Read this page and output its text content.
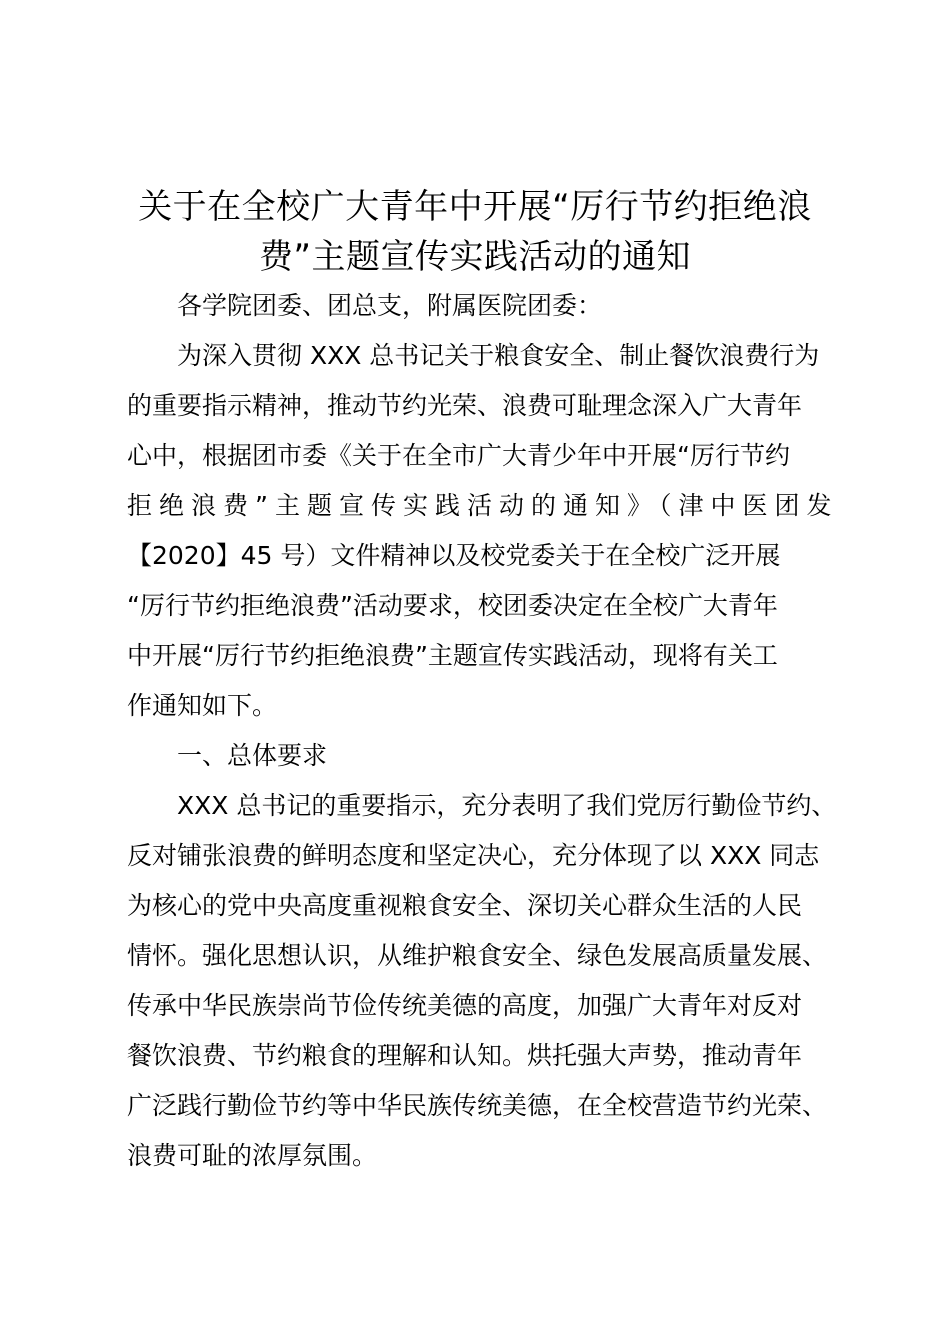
关于在全校广大青年中开展“厉行节约拒绝浪
费”主题宣传实践活动的通知
各学院团委、团总支，附属医院团委：
为深入贯彻 XXX 总书记关于粮食安全、制止餐饮浪费行为
的重要指示精神，推动节约光荣、浪费可耻理念深入广大青年
心中，根据团市委《关于在全市广大青少年中开展“厉行节约
拒绝浪费”主题宣传实践活动的通知》（津中医团发
【2020】45 号）文件精神以及校党委关于在全校广泛开展
“厉行节约拒绝浪费”活动要求，校团委决定在全校广大青年
中开展“厉行节约拒绝浪费”主题宣传实践活动，现将有关工
作通知如下。
一、总体要求
XXX 总书记的重要指示，充分表明了我们党厉行勤俭节约、
反对铺张浪费的鲜明态度和坚定决心，充分体现了以 XXX 同志
为核心的党中央高度重视粮食安全、深切关心群众生活的人民
情怀。强化思想认识，从维护粮食安全、绿色发展高质量发展、
传承中华民族崇尚节俭传统美德的高度，加强广大青年对反对
餐饮浪费、节约粮食的理解和认知。烘托强大声势，推动青年
广泛践行勤俭节约等中华民族传统美德，在全校营造节约光荣、
浪费可耻的浓厚氛围。
